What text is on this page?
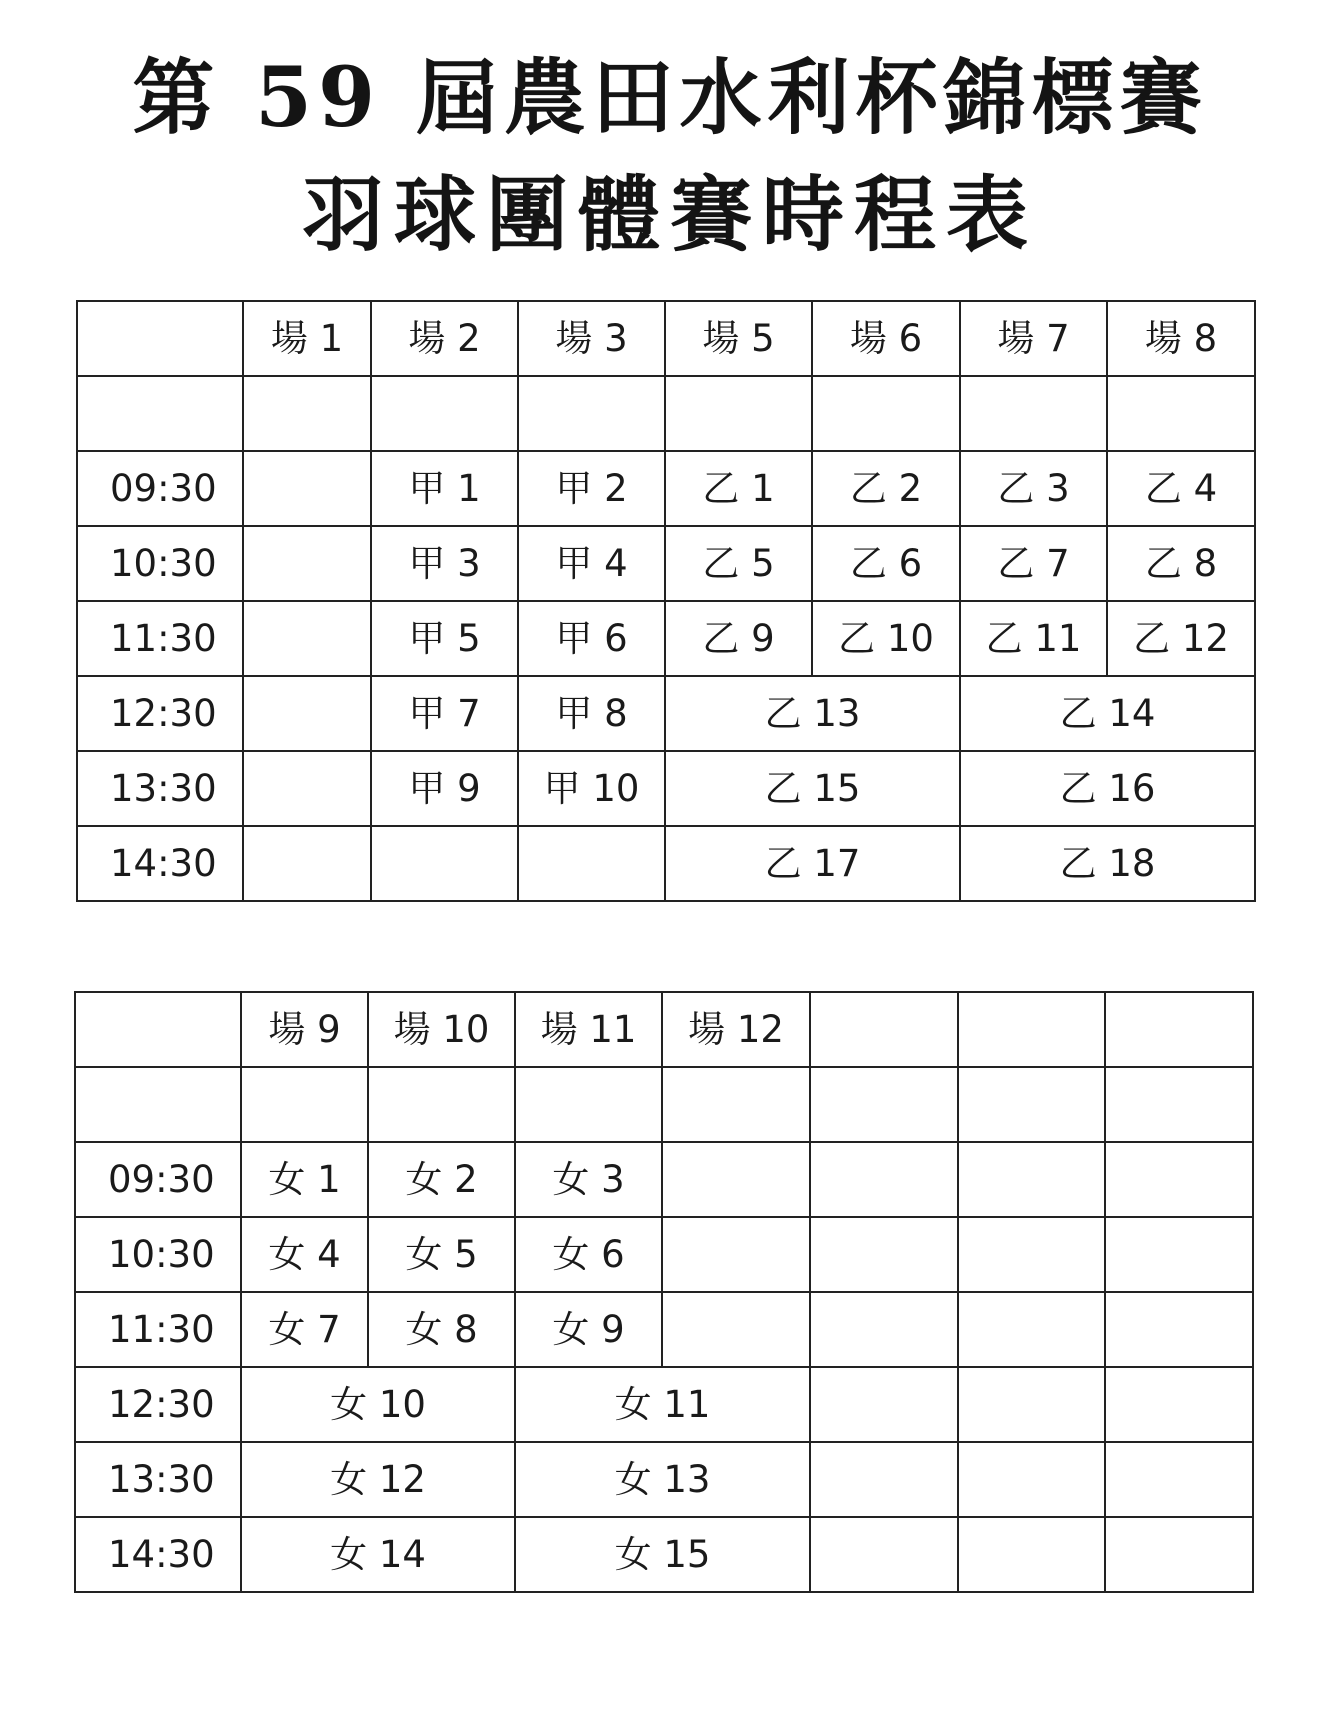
第 59 屆農田水利杯錦標賽
羽球團體賽時程表
	場 1	場 2	場 3	場 5	場 6	場 7	場 8

09:30		甲 1	甲 2	乙 1	乙 2	乙 3	乙 4
10:30		甲 3	甲 4	乙 5	乙 6	乙 7	乙 8
11:30		甲 5	甲 6	乙 9	乙 10	乙 11	乙 12
12:30		甲 7	甲 8	乙 13		乙 14	
13:30		甲 9	甲 10	乙 15		乙 16	
14:30				乙 17		乙 18	
	場 9	場 10	場 11	場 12			

09:30	女 1	女 2	女 3				
10:30	女 4	女 5	女 6				
11:30	女 7	女 8	女 9				
12:30	女 10		女 11				
13:30	女 12		女 13				
14:30	女 14		女 15				
